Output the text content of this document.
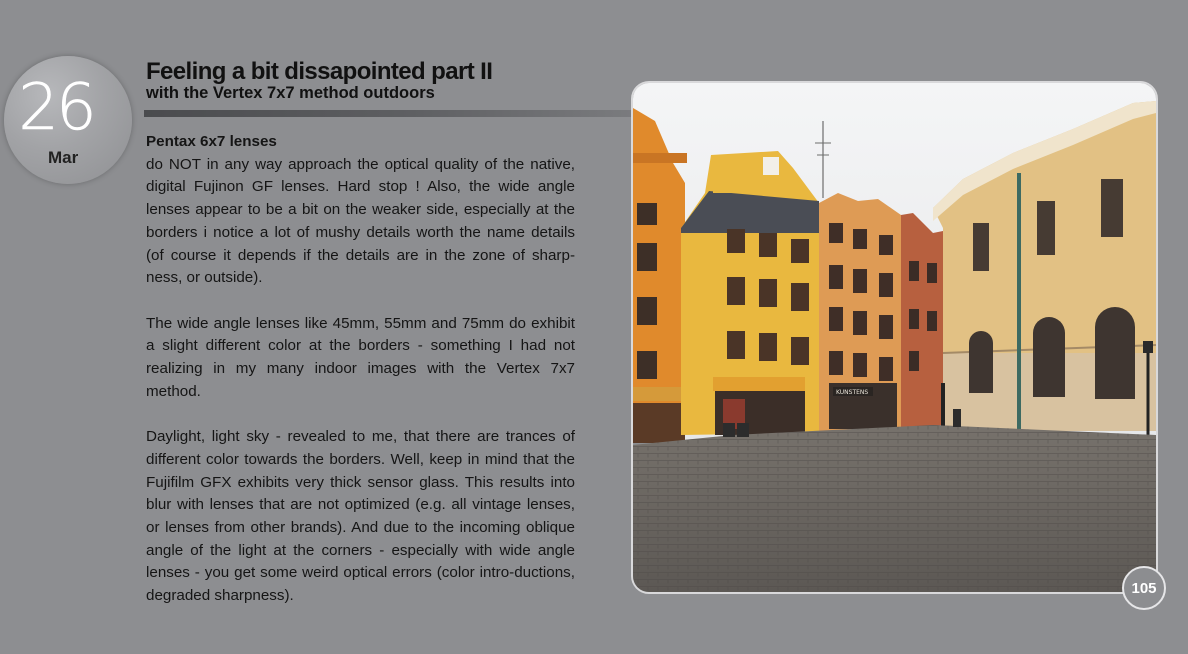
26
Mar
Feeling a bit dissapointed part II
with the Vertex 7x7 method outdoors
Pentax 6x7 lenses

do NOT in any way approach the optical quality of the native, digital Fujinon GF lenses. Hard stop ! Also, the wide angle lenses appear to be a bit on the weaker side, especially at the borders i notice a lot of mushy details worth the name details (of course it depends if the details are in the zone of sharp-ness, or outside).

The wide angle lenses like 45mm, 55mm and 75mm do exhibit a slight different color at the borders - something I had not realizing in my many indoor images with the Vertex 7x7 method.

Daylight, light sky - revealed to me, that there are trances of different color towards the borders. Well, keep in mind that the Fujifilm GFX exhibits very thick sensor glass. This results into blur with lenses that are not optimized (e.g. all vintage lenses, or lenses from other brands). And due to the incoming oblique angle of the light at the corners - especially with wide angle lenses - you get some weird optical errors (color intro-ductions, degraded sharpness).

KUNSTENS
105
